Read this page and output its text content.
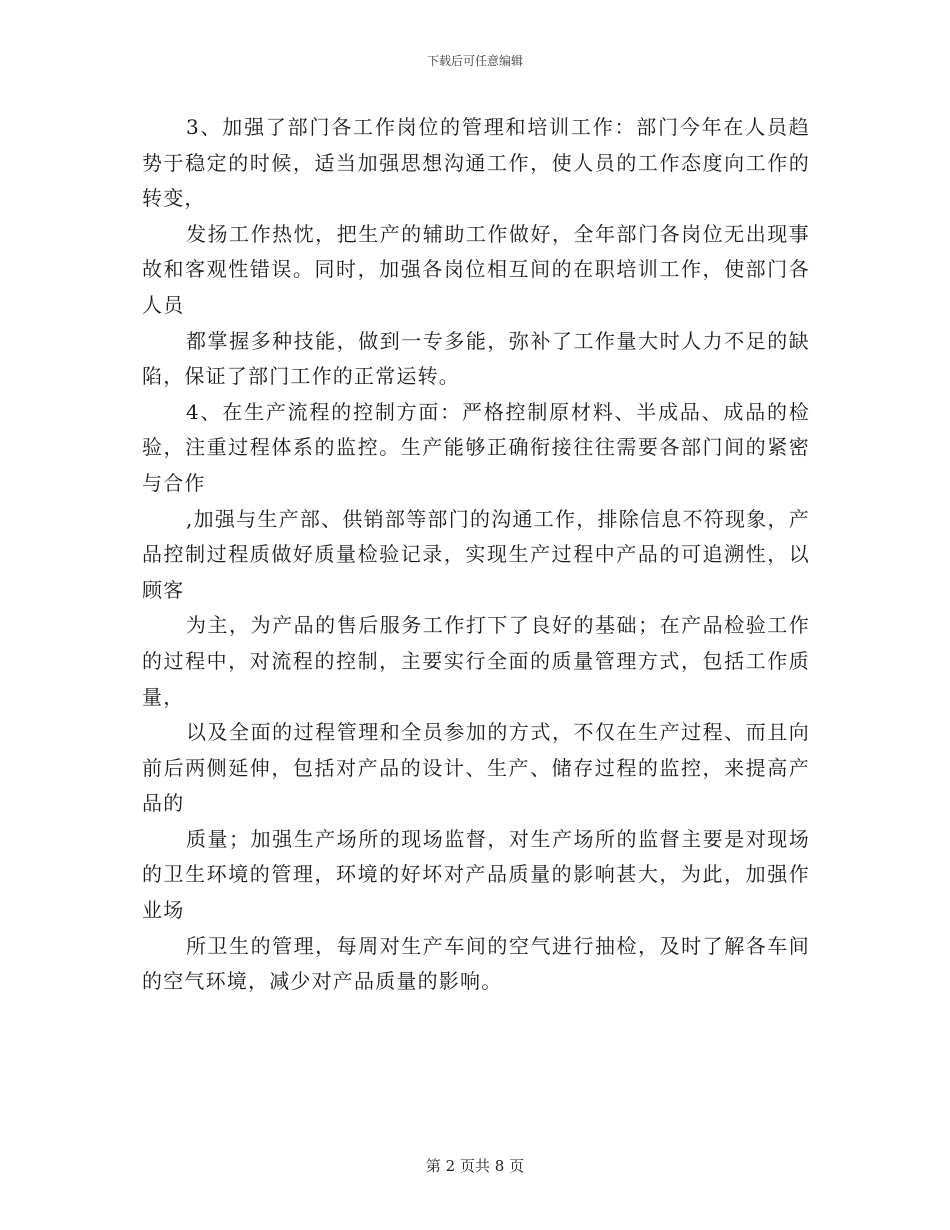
下载后可任意编辑

3、加强了部门各工作岗位的管理和培训工作：部门今年在人员趋势于稳定的时候，适当加强思想沟通工作，使人员的工作态度向工作的转变，

发扬工作热忱，把生产的辅助工作做好，全年部门各岗位无出现事故和客观性错误。同时，加强各岗位相互间的在职培训工作，使部门各人员

都掌握多种技能，做到一专多能，弥补了工作量大时人力不足的缺陷，保证了部门工作的正常运转。

4、在生产流程的控制方面：严格控制原材料、半成品、成品的检验，注重过程体系的监控。生产能够正确衔接往往需要各部门间的紧密与合作

,加强与生产部、供销部等部门的沟通工作，排除信息不符现象，产品控制过程质做好质量检验记录，实现生产过程中产品的可追溯性，以顾客

为主，为产品的售后服务工作打下了良好的基础；在产品检验工作的过程中，对流程的控制，主要实行全面的质量管理方式，包括工作质量，

以及全面的过程管理和全员参加的方式，不仅在生产过程、而且向前后两侧延伸，包括对产品的设计、生产、储存过程的监控，来提高产品的

质量；加强生产场所的现场监督，对生产场所的监督主要是对现场的卫生环境的管理，环境的好坏对产品质量的影响甚大，为此，加强作业场

所卫生的管理，每周对生产车间的空气进行抽检，及时了解各车间的空气环境，减少对产品质量的影响。

第 2 页共 8 页
